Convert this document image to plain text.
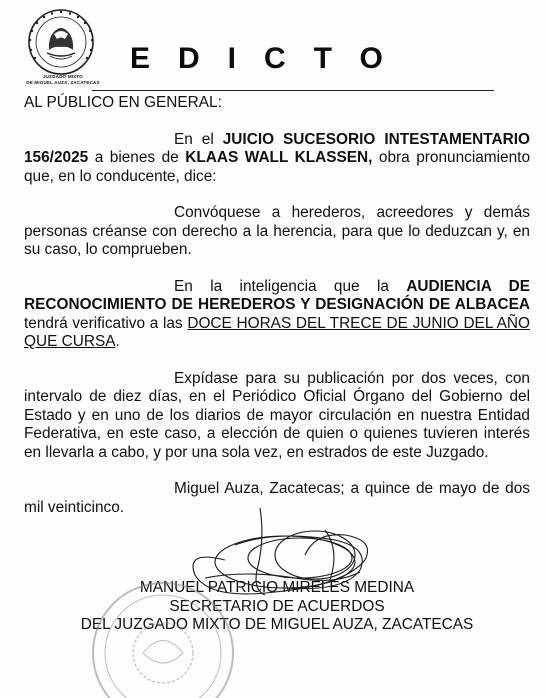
JUZGADO MIXTO
DE MIGUEL AUZA, ZACATECAS
EDICTO

AL PÚBLICO EN GENERAL:

En el JUICIO SUCESORIO INTESTAMENTARIO 156/2025 a bienes de KLAAS WALL KLASSEN, obra pronunciamiento que, en lo conducente, dice:

Convóquese a herederos, acreedores y demás personas créanse con derecho a la herencia, para que lo deduzcan y, en su caso, lo comprueben.

En la inteligencia que la AUDIENCIA DE RECONOCIMIENTO DE HEREDEROS Y DESIGNACIÓN DE ALBACEA tendrá verificativo a las DOCE HORAS DEL TRECE DE JUNIO DEL AÑO QUE CURSA.

Expídase para su publicación por dos veces, con intervalo de diez días, en el Periódico Oficial Órgano del Gobierno del Estado y en uno de los diarios de mayor circulación en nuestra Entidad Federativa, en este caso, a elección de quien o quienes tuvieren interés en llevarla a cabo, y por una sola vez, en estrados de este Juzgado.

Miguel Auza, Zacatecas; a quince de mayo de dos mil veinticinco.

MANUEL PATRICIO MIRELES MEDINA
SECRETARIO DE ACUERDOS
DEL JUZGADO MIXTO DE MIGUEL AUZA, ZACATECAS
